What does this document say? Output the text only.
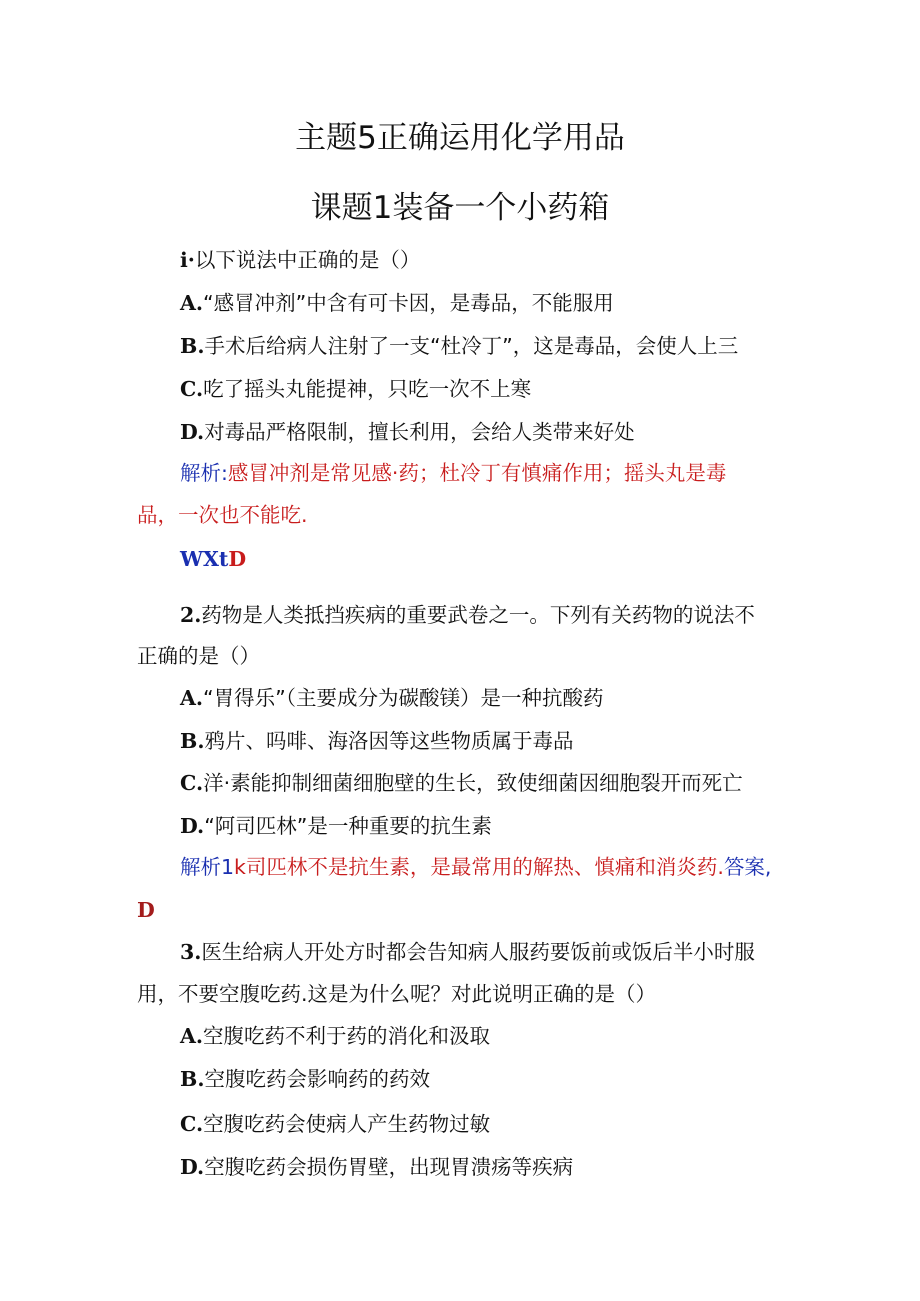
主题5正确运用化学用品
课题1装备一个小药箱
i·以下说法中正确的是（）
A.“感冒冲剂”中含有可卡因，是毒品，不能服用
B.手术后给病人注射了一支“杜冷丁”，这是毒品，会使人上三
C.吃了摇头丸能提神，只吃一次不上寒
D.对毒品严格限制，擅长利用，会给人类带来好处
解析:感冒冲剂是常见感·药；杜冷丁有慎痛作用；摇头丸是毒
品，一次也不能吃.
WXtD
2.药物是人类抵挡疾病的重要武卷之一。下列有关药物的说法不
正确的是（）
A.“胃得乐”（主要成分为碳酸镁）是一种抗酸药
B.鸦片、吗啡、海洛因等这些物质属于毒品
C.洋·素能抑制细菌细胞壁的生长，致使细菌因细胞裂开而死亡
D.“阿司匹林”是一种重要的抗生素
解析1k司匹林不是抗生素，是最常用的解热、慎痛和消炎药.答案,
D
3.医生给病人开处方时都会告知病人服药要饭前或饭后半小时服
用，不要空腹吃药.这是为什么呢？对此说明正确的是（）
A.空腹吃药不利于药的消化和汲取
B.空腹吃药会影响药的药效
C.空腹吃药会使病人产生药物过敏
D.空腹吃药会损伤胃壁，出现胃溃疡等疾病
